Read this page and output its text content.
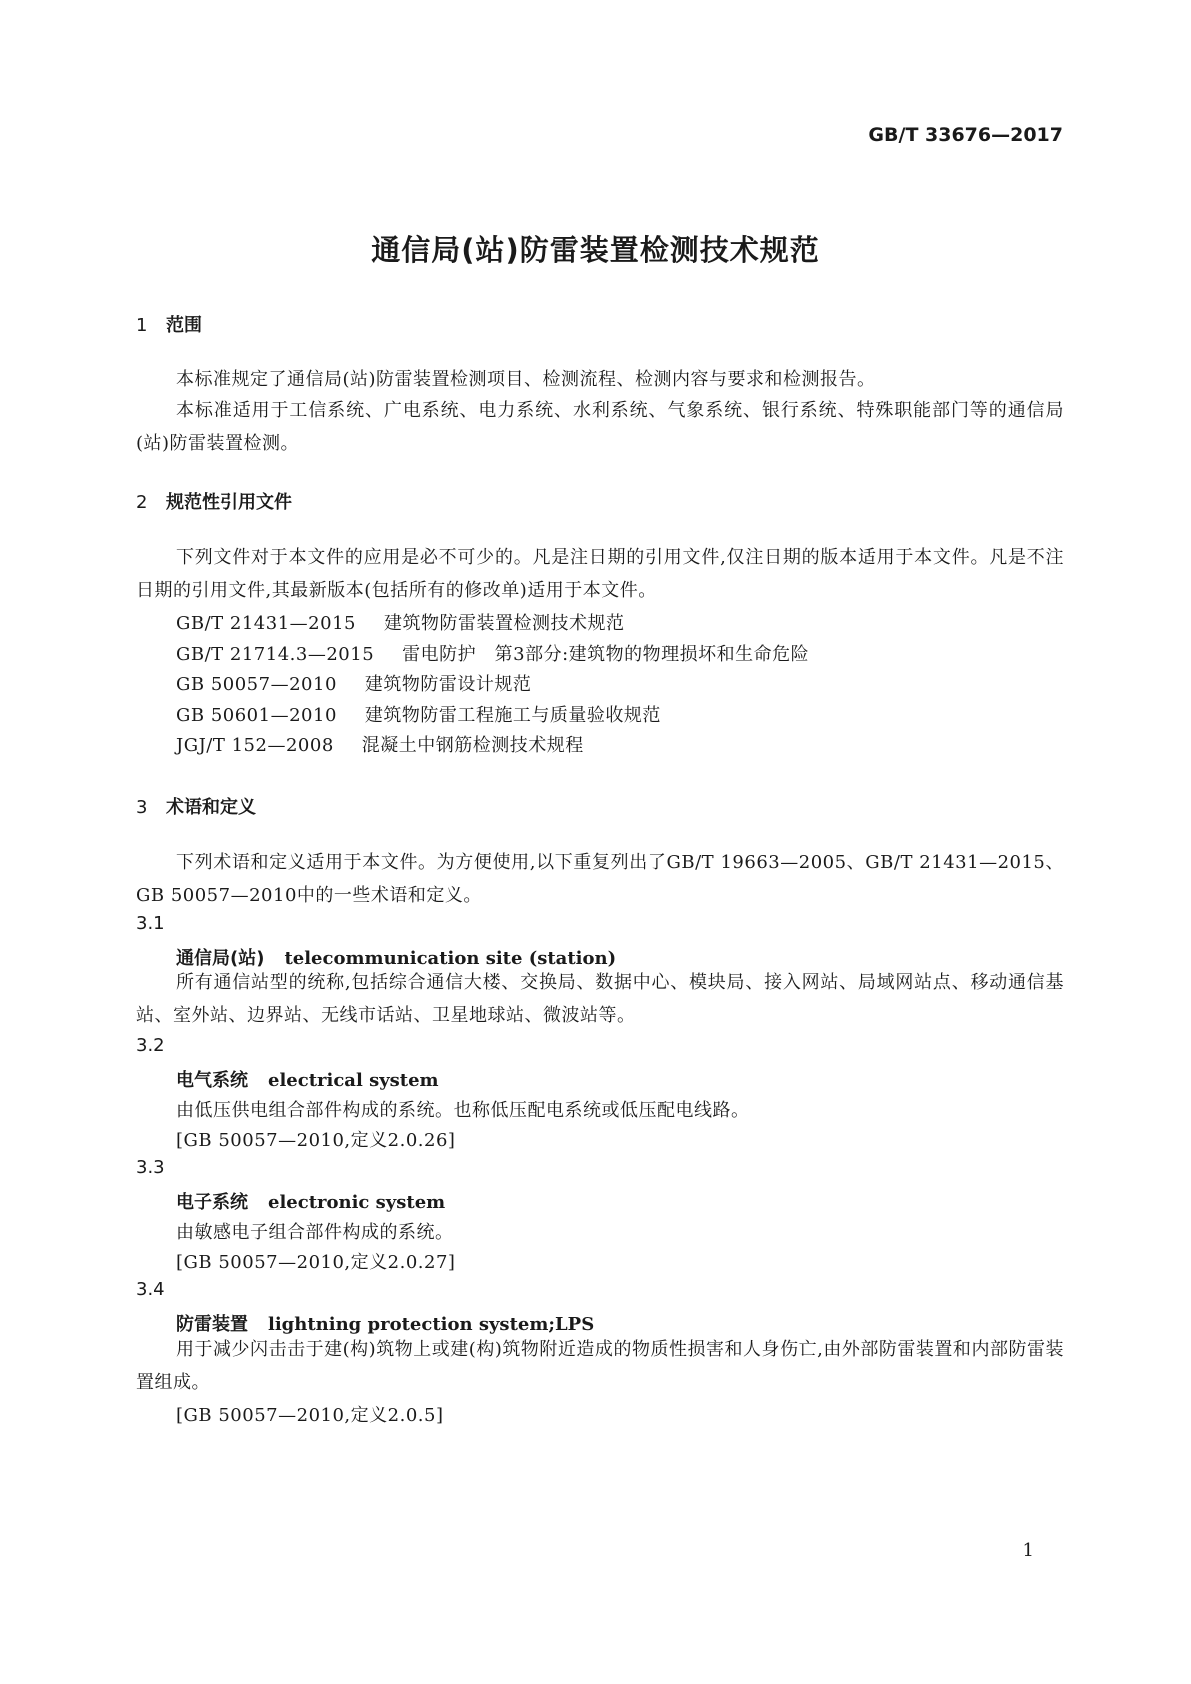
GB/T 33676—2017
通信局(站)防雷装置检测技术规范
1 范围
本标准规定了通信局(站)防雷装置检测项目、检测流程、检测内容与要求和检测报告。
本标准适用于工信系统、广电系统、电力系统、水利系统、气象系统、银行系统、特殊职能部门等的通信局(站)防雷装置检测。
2 规范性引用文件
下列文件对于本文件的应用是必不可少的。凡是注日期的引用文件,仅注日期的版本适用于本文件。凡是不注日期的引用文件,其最新版本(包括所有的修改单)适用于本文件。
GB/T 21431—2015 建筑物防雷装置检测技术规范
GB/T 21714.3—2015 雷电防护　第3部分:建筑物的物理损坏和生命危险
GB 50057—2010 建筑物防雷设计规范
GB 50601—2010 建筑物防雷工程施工与质量验收规范
JGJ/T 152—2008 混凝土中钢筋检测技术规程
3 术语和定义
下列术语和定义适用于本文件。为方便使用,以下重复列出了GB/T 19663—2005、GB/T 21431—2015、GB 50057—2010中的一些术语和定义。
3.1
通信局(站) telecommunication site (station)
所有通信站型的统称,包括综合通信大楼、交换局、数据中心、模块局、接入网站、局域网站点、移动通信基站、室外站、边界站、无线市话站、卫星地球站、微波站等。
3.2
电气系统 electrical system
由低压供电组合部件构成的系统。也称低压配电系统或低压配电线路。
[GB 50057—2010,定义2.0.26]
3.3
电子系统 electronic system
由敏感电子组合部件构成的系统。
[GB 50057—2010,定义2.0.27]
3.4
防雷装置 lightning protection system;LPS
用于减少闪击击于建(构)筑物上或建(构)筑物附近造成的物质性损害和人身伤亡,由外部防雷装置和内部防雷装置组成。
[GB 50057—2010,定义2.0.5]
1
